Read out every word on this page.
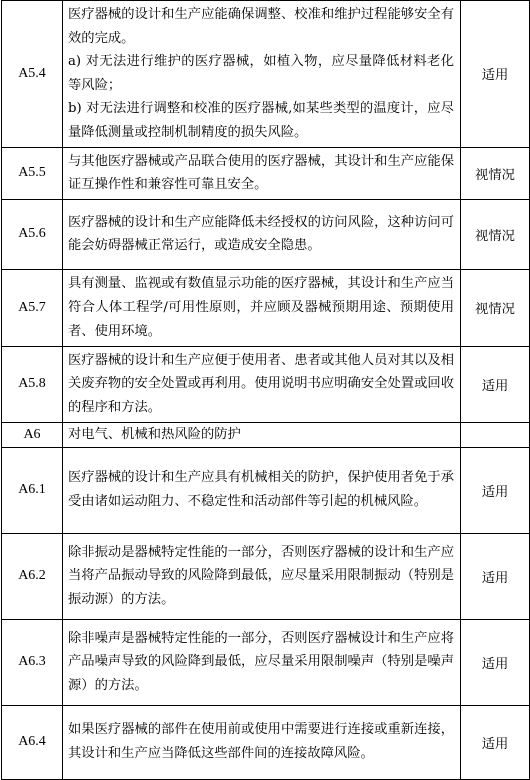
A5.4	医疗器械的设计和生产应能确保调整、校准和维护过程能够安全有效的完成。

a) 对无法进行维护的医疗器械，如植入物，应尽量降低材料老化等风险；

b) 对无法进行调整和校准的医疗器械,如某些类型的温度计，应尽量降低测量或控制机制精度的损失风险。	适用
A5.5	与其他医疗器械或产品联合使用的医疗器械，其设计和生产应能保证互操作性和兼容性可靠且安全。	视情况
A5.6	医疗器械的设计和生产应能降低未经授权的访问风险，这种访问可能会妨碍器械正常运行，或造成安全隐患。	视情况
A5.7	具有测量、监视或有数值显示功能的医疗器械，其设计和生产应当符合人体工程学/可用性原则，并应顾及器械预期用途、预期使用者、使用环境。	视情况
A5.8	医疗器械的设计和生产应便于使用者、患者或其他人员对其以及相关废弃物的安全处置或再利用。使用说明书应明确安全处置或回收的程序和方法。	适用
A6	对电气、机械和热风险的防护	

A6.1	医疗器械的设计和生产应具有机械相关的防护，保护使用者免于承受由诸如运动阻力、不稳定性和活动部件等引起的机械风险。	适用
A6.2	除非振动是器械特定性能的一部分，否则医疗器械的设计和生产应当将产品振动导致的风险降到最低，应尽量采用限制振动（特别是振动源）的方法。	适用
A6.3	除非噪声是器械特定性能的一部分，否则医疗器械设计和生产应将产品噪声导致的风险降到最低，应尽量采用限制噪声（特别是噪声源）的方法。	适用
A6.4	如果医疗器械的部件在使用前或使用中需要进行连接或重新连接，其设计和生产应当降低这些部件间的连接故障风险。	适用
